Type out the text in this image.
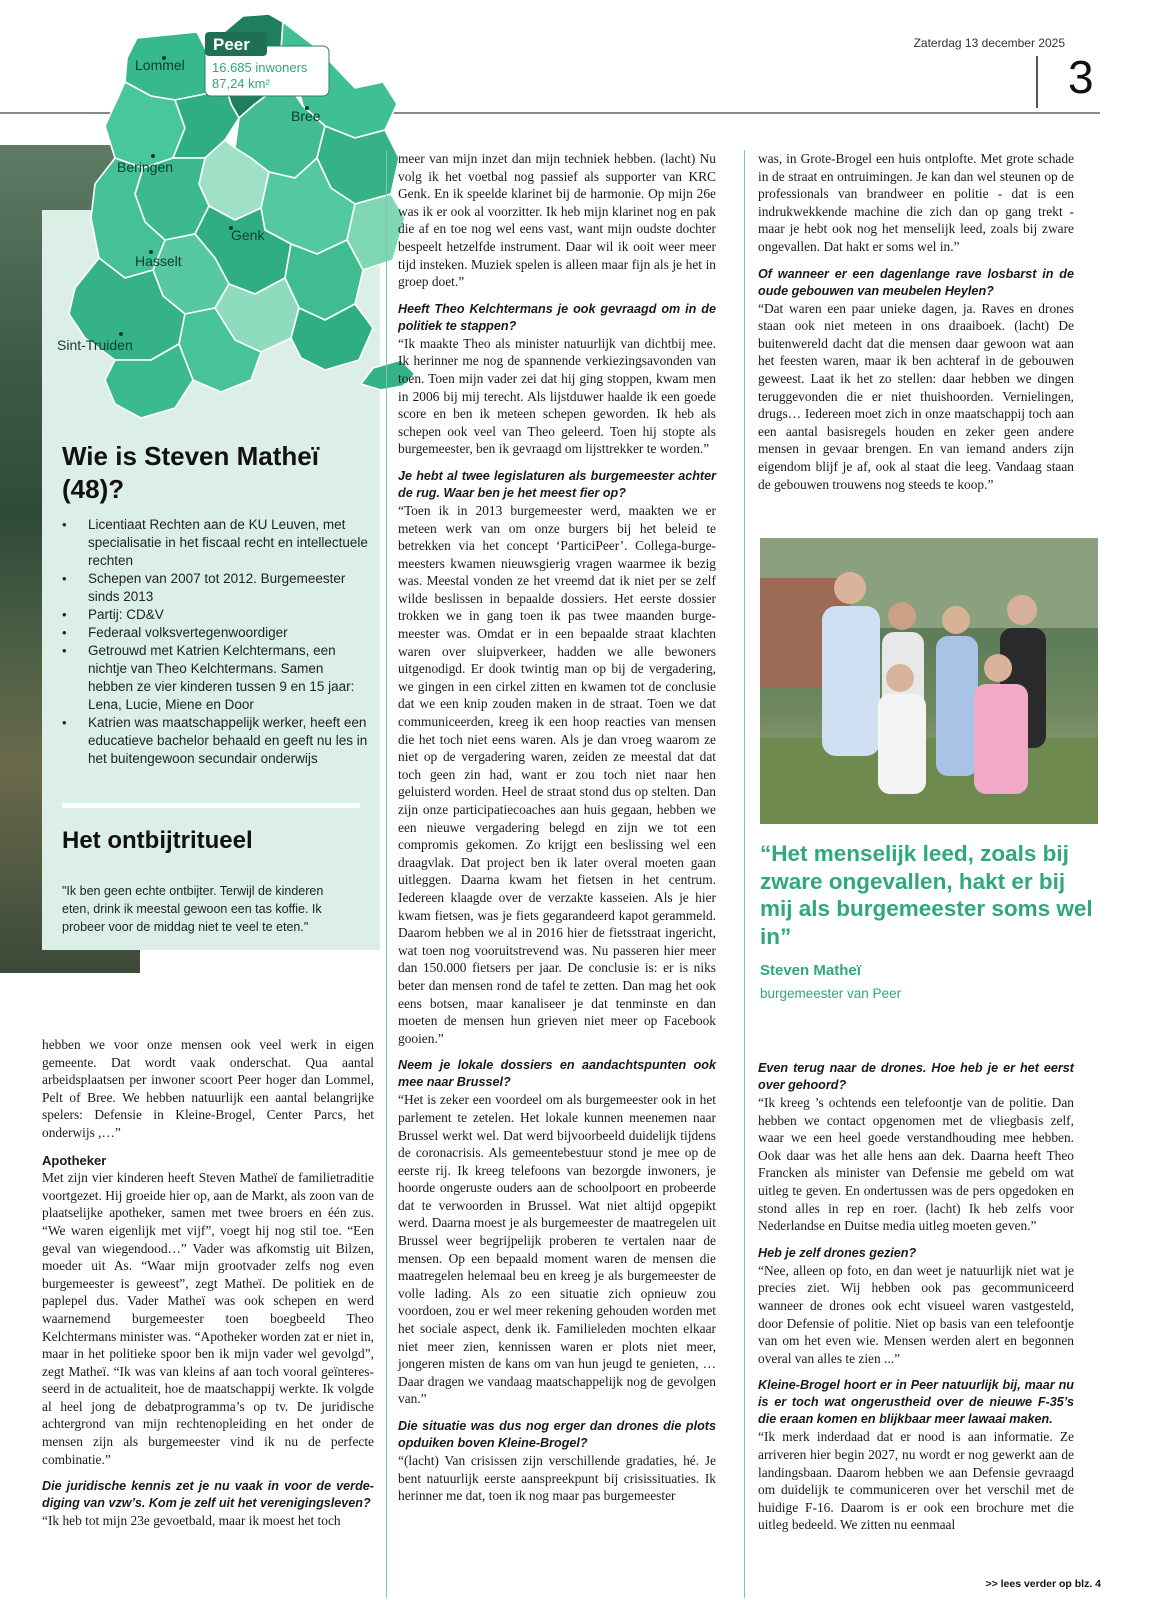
Zaterdag 13 december 2025
3
Lommel
Bree
Beringen
Genk
Hasselt
Sint-Truiden
Peer
16.685 inwoners
87,24 km²
Wie is Steven Matheï (48)?
• Licentiaat Rechten aan de KU Leuven, met specialisatie in het fiscaal recht en intellectuele rechten
• Schepen van 2007 tot 2012. Burgemeester sinds 2013
• Partij: CD&V
• Federaal volksvertegenwoordiger
• Getrouwd met Katrien Kelchtermans, een nichtje van Theo Kelchtermans. Samen hebben ze vier kinderen tussen 9 en 15 jaar: Lena, Lucie, Miene en Door
• Katrien was maatschappelijk werker, heeft een educatieve bachelor behaald en geeft nu les in het buitengewoon secundair onderwijs
Het ontbijtritueel
"Ik ben geen echte ontbijter. Terwijl de kinderen eten, drink ik meestal gewoon een tas koffie. Ik probeer voor de middag niet te veel te eten."

hebben we voor onze mensen ook veel werk in eigen gemeente. Dat wordt vaak onderschat. Qua aantal arbeidsplaatsen per inwoner scoort Peer hoger dan Lommel, Pelt of Bree. We hebben natuurlijk een aantal belangrijke spelers: Defensie in Kleine-Brogel, Center Parcs, het onderwijs ,…”

Apotheker

Met zijn vier kinderen heeft Steven Matheï de familietraditie voortgezet. Hij groeide hier op, aan de Markt, als zoon van de plaatselijke apotheker, samen met twee broers en één zus. “We waren eigenlijk met vijf”, voegt hij nog stil toe. “Een geval van wiegendood…” Vader was afkomstig uit Bilzen, moeder uit As. “Waar mijn grootvader zelfs nog even burgemeester is geweest”, zegt Matheï. De politiek en de paplepel dus. Vader Matheï was ook schepen en werd waarnemend burgemeester toen boegbeeld Theo Kelchtermans minister was. “Apotheker worden zat er niet in, maar in het politieke spoor ben ik mijn vader wel gevolgd”, zegt Matheï. “Ik was van kleins af aan toch vooral geïnteresseerd in de actualiteit, hoe de maatschappij werkte. Ik volgde al heel jong de debatprogramma’s op tv. De juridische achtergrond van mijn rechtenopleiding en het onder de mensen zijn als burgemeester vind ik nu de perfecte combinatie.”

Die juridische kennis zet je nu vaak in voor de verdediging van vzw’s. Kom je zelf uit het verenigingsleven?

“Ik heb tot mijn 23e gevoetbald, maar ik moest het toch

meer van mijn inzet dan mijn techniek hebben. (lacht) Nu volg ik het voetbal nog passief als supporter van KRC Genk. En ik speelde klarinet bij de harmonie. Op mijn 26e was ik er ook al voorzitter. Ik heb mijn klarinet nog en pak die af en toe nog wel eens vast, want mijn oudste dochter bespeelt hetzelfde instrument. Daar wil ik ooit weer meer tijd insteken. Muziek spelen is alleen maar fijn als je het in groep doet.”

Heeft Theo Kelchtermans je ook gevraagd om in de politiek te stappen?

“Ik maakte Theo als minister natuurlijk van dichtbij mee. Ik herinner me nog de spannende verkiezingsavonden van toen. Toen mijn vader zei dat hij ging stoppen, kwam men in 2006 bij mij terecht. Als lijstduwer haalde ik een goede score en ben ik meteen schepen geworden. Ik heb als schepen ook veel van Theo geleerd. Toen hij stopte als burgemeester, ben ik gevraagd om lijsttrekker te worden.”

Je hebt al twee legislaturen als burgemeester achter de rug. Waar ben je het meest fier op?

“Toen ik in 2013 burgemeester werd, maakten we er meteen werk van om onze burgers bij het beleid te betrekken via het concept ‘ParticiPeer’. Collega-burgemeesters kwamen nieuwsgierig vragen waarmee ik bezig was. Meestal vonden ze het vreemd dat ik niet per se zelf wilde beslissen in bepaalde dossiers. Het eerste dossier trokken we in gang toen ik pas twee maanden burgemeester was. Omdat er in een bepaalde straat klachten waren over sluipverkeer, hadden we alle bewoners uitgenodigd. Er dook twintig man op bij de vergadering, we gingen in een cirkel zitten en kwamen tot de conclusie dat we een knip zouden maken in de straat. Toen we dat communiceerden, kreeg ik een hoop reacties van mensen die het toch niet eens waren. Als je dan vroeg waarom ze niet op de vergadering waren, zeiden ze meestal dat dat toch geen zin had, want er zou toch niet naar hen geluisterd worden. Heel de straat stond dus op stelten. Dan zijn onze participatiecoaches aan huis gegaan, hebben we een nieuwe vergadering belegd en zijn we tot een compromis gekomen. Zo krijgt een beslissing wel een draagvlak. Dat project ben ik later overal moeten gaan uitleggen. Daarna kwam het fietsen in het centrum. Iedereen klaagde over de verzakte kasseien. Als je hier kwam fietsen, was je fiets gegarandeerd kapot gerammeld. Daarom hebben we al in 2016 hier de fietsstraat ingericht, wat toen nog vooruitstrevend was. Nu passeren hier meer dan 150.000 fietsers per jaar. De conclusie is: er is niks beter dan mensen rond de tafel te zetten. Dan mag het ook eens botsen, maar kanaliseer je dat tenminste en dan moeten de mensen hun grieven niet meer op Facebook gooien.”

Neem je lokale dossiers en aandachtspunten ook mee naar Brussel?

“Het is zeker een voordeel om als burgemeester ook in het parlement te zetelen. Het lokale kunnen meenemen naar Brussel werkt wel. Dat werd bijvoorbeeld duidelijk tijdens de coronacrisis. Als gemeentebestuur stond je mee op de eerste rij. Ik kreeg telefoons van bezorgde inwoners, je hoorde ongeruste ouders aan de schoolpoort en probeerde dat te verwoorden in Brussel. Wat niet altijd opgepikt werd. Daarna moest je als burgemeester de maatregelen uit Brussel weer begrijpelijk proberen te vertalen naar de mensen. Op een bepaald moment waren de mensen die maatregelen helemaal beu en kreeg je als burgemeester de volle lading. Als zo een situatie zich opnieuw zou voordoen, zou er wel meer rekening gehouden worden met het sociale aspect, denk ik. Familieleden mochten elkaar niet meer zien, kennissen waren er plots niet meer, jongeren misten de kans om van hun jeugd te genieten, … Daar dragen we vandaag maatschappelijk nog de gevolgen van.”

Die situatie was dus nog erger dan drones die plots opduiken boven Kleine-Brogel?

“(lacht) Van crisissen zijn verschillende gradaties, hé. Je bent natuurlijk eerste aanspreekpunt bij crisissituaties. Ik herinner me dat, toen ik nog maar pas burgemeester

was, in Grote-Brogel een huis ontplofte. Met grote schade in de straat en ontruimingen. Je kan dan wel steunen op de professionals van brandweer en politie - dat is een indrukwekkende machine die zich dan op gang trekt - maar je hebt ook nog het menselijk leed, zoals bij zware ongevallen. Dat hakt er soms wel in.”

Of wanneer er een dagenlange rave losbarst in de oude gebouwen van meubelen Heylen?

“Dat waren een paar unieke dagen, ja. Raves en drones staan ook niet meteen in ons draaiboek. (lacht) De buitenwereld dacht dat die mensen daar gewoon wat aan het feesten waren, maar ik ben achteraf in de gebouwen geweest. Laat ik het zo stellen: daar hebben we dingen teruggevonden die er niet thuishoorden. Vernielingen, drugs… Iedereen moet zich in onze maatschappij toch aan een aantal basisregels houden en zeker geen andere mensen in gevaar brengen. En van iemand anders zijn eigendom blijf je af, ook al staat die leeg. Vandaag staan de gebouwen trouwens nog steeds te koop.”

“Het menselijk leed, zoals bij zware ongevallen, hakt er bij mij als burgemeester soms wel in”
Steven Matheï
burgemeester van Peer

Even terug naar de drones. Hoe heb je er het eerst over gehoord?

“Ik kreeg ’s ochtends een telefoontje van de politie. Dan hebben we contact opgenomen met de vliegbasis zelf, waar we een heel goede verstandhouding mee hebben. Ook daar was het alle hens aan dek. Daarna heeft Theo Francken als minister van Defensie me gebeld om wat uitleg te geven. En ondertussen was de pers opgedoken en stond alles in rep en roer. (lacht) Ik heb zelfs voor Nederlandse en Duitse media uitleg moeten geven.”

Heb je zelf drones gezien?

“Nee, alleen op foto, en dan weet je natuurlijk niet wat je precies ziet. Wij hebben ook pas gecommuniceerd wanneer de drones ook echt visueel waren vastgesteld, door Defensie of politie. Niet op basis van een telefoontje van om het even wie. Mensen werden alert en begonnen overal van alles te zien ...”

Kleine-Brogel hoort er in Peer natuurlijk bij, maar nu is er toch wat ongerustheid over de nieuwe F-35’s die eraan komen en blijkbaar meer lawaai maken.

“Ik merk inderdaad dat er nood is aan informatie. Ze arriveren hier begin 2027, nu wordt er nog gewerkt aan de landingsbaan. Daarom hebben we aan Defensie gevraagd om duidelijk te communiceren over het verschil met de huidige F-16. Daarom is er ook een brochure met die uitleg bedeeld. We zitten nu eenmaal

>> lees verder op blz. 4
